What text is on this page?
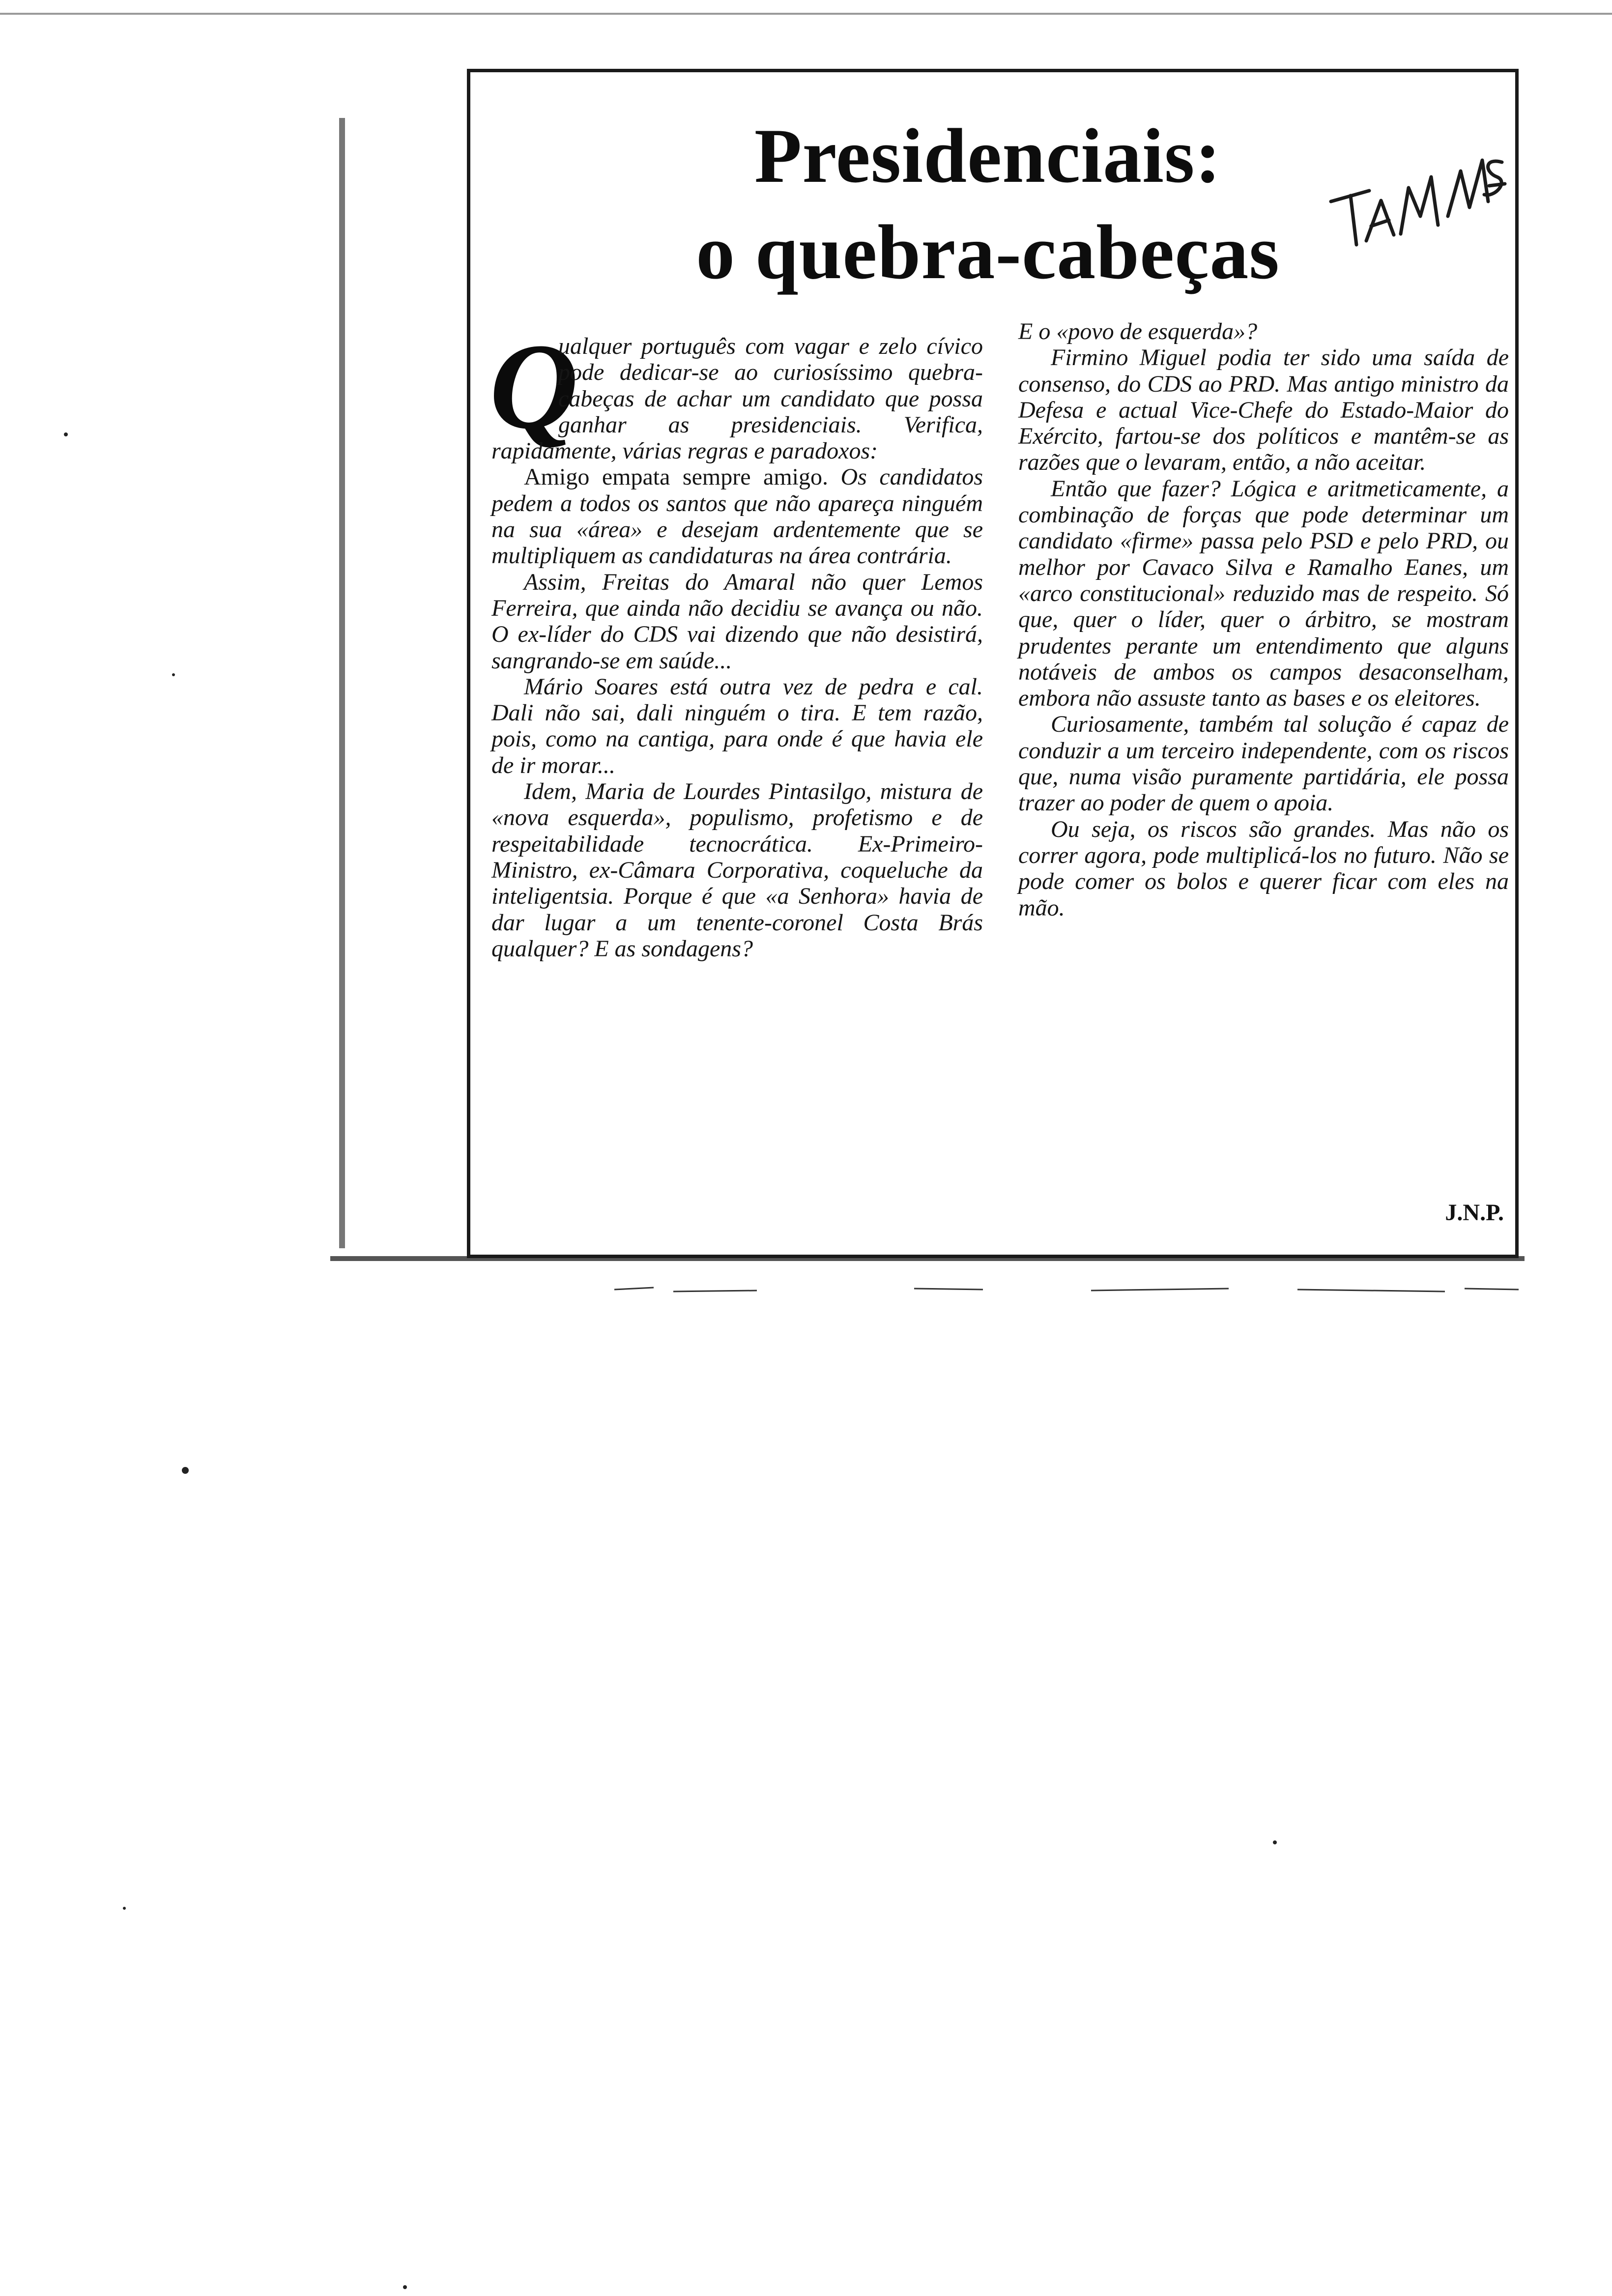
Presidenciais:
o quebra-cabeças
Q

ualquer português com vagar e zelo cívico pode dedicar-se ao curiosíssimo quebra-cabeças de achar um candidato que possa ganhar as presidenciais. Verifica, rapidamente, várias regras e paradoxos:

Amigo empata sempre amigo. Os candidatos pedem a todos os santos que não apareça ninguém na sua «área» e desejam ardentemente que se multipliquem as candidaturas na área contrária.

Assim, Freitas do Amaral não quer Lemos Ferreira, que ainda não decidiu se avança ou não. O ex-líder do CDS vai dizendo que não desistirá, sangrando-se em saúde...

Mário Soares está outra vez de pedra e cal. Dali não sai, dali ninguém o tira. E tem razão, pois, como na cantiga, para onde é que havia ele de ir morar...

Idem, Maria de Lourdes Pintasilgo, mistura de «nova esquerda», populismo, profetismo e de respeitabilidade tecnocrática. Ex-Primeiro-Ministro, ex-Câmara Corporativa, coqueluche da inteligentsia. Porque é que «a Senhora» havia de dar lugar a um tenente-coronel Costa Brás qualquer? E as sondagens?

E o «povo de esquerda»?

Firmino Miguel podia ter sido uma saída de consenso, do CDS ao PRD. Mas antigo ministro da Defesa e actual Vice-Chefe do Estado-Maior do Exército, fartou-se dos políticos e mantêm-se as razões que o levaram, então, a não aceitar.

Então que fazer? Lógica e aritmeticamente, a combinação de forças que pode determinar um candidato «firme» passa pelo PSD e pelo PRD, ou melhor por Cavaco Silva e Ramalho Eanes, um «arco constitucional» reduzido mas de respeito. Só que, quer o líder, quer o árbitro, se mostram prudentes perante um entendimento que alguns notáveis de ambos os campos desaconselham, embora não assuste tanto as bases e os eleitores.

Curiosamente, também tal solução é capaz de conduzir a um terceiro independente, com os riscos que, numa visão puramente partidária, ele possa trazer ao poder de quem o apoia.

Ou seja, os riscos são grandes. Mas não os correr agora, pode multiplicá-los no futuro. Não se pode comer os bolos e querer ficar com eles na mão.

J.N.P.
